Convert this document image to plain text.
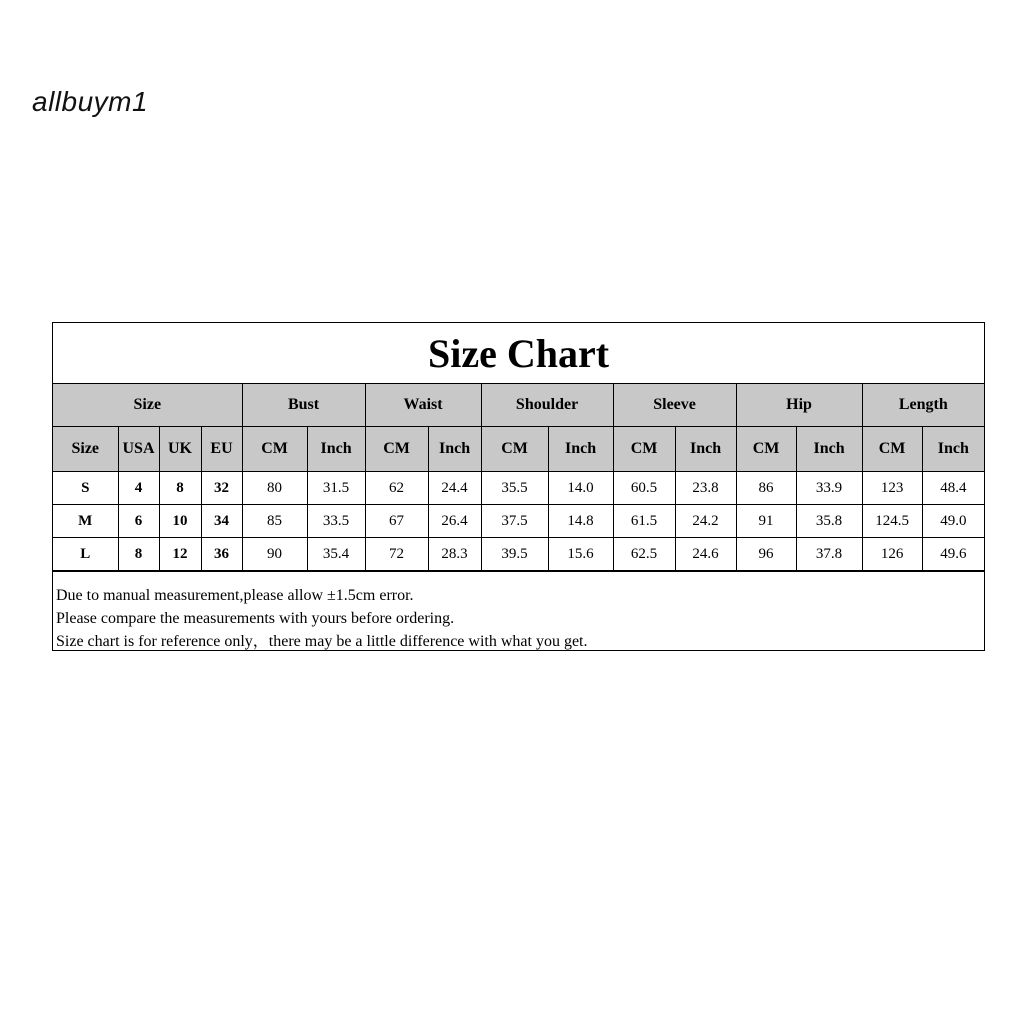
allbuym1
Size Chart
Size				Bust		Waist		Shoulder		Sleeve		Hip		Length	
Size	USA	UK	EU	CM	Inch	CM	Inch	CM	Inch	CM	Inch	CM	Inch	CM	Inch
S	4	8	32	80	31.5	62	24.4	35.5	14.0	60.5	23.8	86	33.9	123	48.4
M	6	10	34	85	33.5	67	26.4	37.5	14.8	61.5	24.2	91	35.8	124.5	49.0
L	8	12	36	90	35.4	72	28.3	39.5	15.6	62.5	24.6	96	37.8	126	49.6
Due to manual measurement,please allow ±1.5cm error.
Please compare the measurements with yours before ordering.
Size chart is for reference only，there may be a little difference with what you get.
